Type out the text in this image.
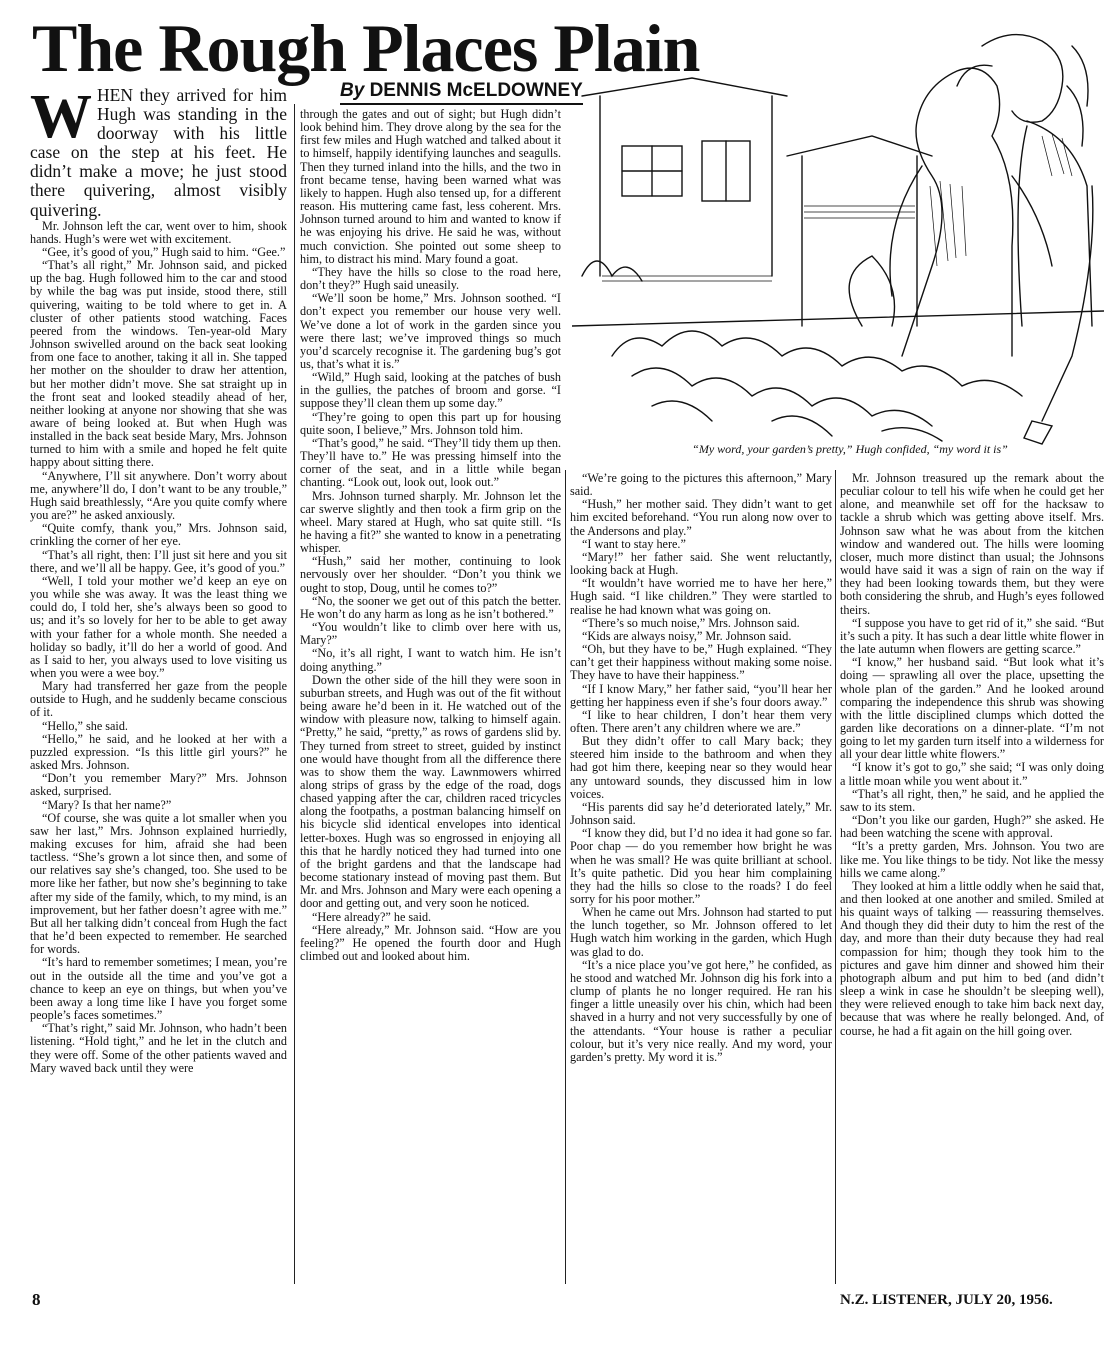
The Rough Places Plain
By DENNIS McELDOWNEY

WHEN they arrived for him Hugh was standing in the doorway with his little case on the step at his feet. He didn’t make a move; he just stood there quivering, almost visibly quivering.

Mr. Johnson left the car, went over to him, shook hands. Hugh’s were wet with excitement.

“Gee, it’s good of you,” Hugh said to him. “Gee.”

“That’s all right,” Mr. Johnson said, and picked up the bag. Hugh followed him to the car and stood by while the bag was put inside, stood there, still quivering, waiting to be told where to get in. A cluster of other patients stood watching. Faces peered from the windows. Ten-year-old Mary Johnson swivelled around on the back seat looking from one face to another, taking it all in. She tapped her mother on the shoulder to draw her attention, but her mother didn’t move. She sat straight up in the front seat and looked steadily ahead of her, neither looking at anyone nor showing that she was aware of being looked at. But when Hugh was installed in the back seat beside Mary, Mrs. Johnson turned to him with a smile and hoped he felt quite happy about sitting there.

“Anywhere, I’ll sit anywhere. Don’t worry about me, anywhere’ll do, I don’t want to be any trouble,” Hugh said breathlessly, “Are you quite comfy where you are?” he asked anxiously.

“Quite comfy, thank you,” Mrs. Johnson said, crinkling the corner of her eye.

“That’s all right, then: I’ll just sit here and you sit there, and we’ll all be happy. Gee, it’s good of you.”

“Well, I told your mother we’d keep an eye on you while she was away. It was the least thing we could do, I told her, she’s always been so good to us; and it’s so lovely for her to be able to get away with your father for a whole month. She needed a holiday so badly, it’ll do her a world of good. And as I said to her, you always used to love visiting us when you were a wee boy.”

Mary had transferred her gaze from the people outside to Hugh, and he suddenly became conscious of it.

“Hello,” she said.

“Hello,” he said, and he looked at her with a puzzled expression. “Is this little girl yours?” he asked Mrs. Johnson.

“Don’t you remember Mary?” Mrs. Johnson asked, surprised.

“Mary? Is that her name?”

“Of course, she was quite a lot smaller when you saw her last,” Mrs. Johnson explained hurriedly, making excuses for him, afraid she had been tactless. “She’s grown a lot since then, and some of our relatives say she’s changed, too. She used to be more like her father, but now she’s beginning to take after my side of the family, which, to my mind, is an improvement, but her father doesn’t agree with me.” But all her talking didn’t conceal from Hugh the fact that he’d been expected to remember. He searched for words.

“It’s hard to remember sometimes; I mean, you’re out in the outside all the time and you’ve got a chance to keep an eye on things, but when you’ve been away a long time like I have you forget some people’s faces sometimes.”

“That’s right,” said Mr. Johnson, who hadn’t been listening. “Hold tight,” and he let in the clutch and they were off. Some of the other patients waved and Mary waved back until they were

through the gates and out of sight; but Hugh didn’t look behind him. They drove along by the sea for the first few miles and Hugh watched and talked about it to himself, happily identifying launches and seagulls. Then they turned inland into the hills, and the two in front became tense, having been warned what was likely to happen. Hugh also tensed up, for a different reason. His muttering came fast, less coherent. Mrs. Johnson turned around to him and wanted to know if he was enjoying his drive. He said he was, without much conviction. She pointed out some sheep to him, to distract his mind. Mary found a goat.

“They have the hills so close to the road here, don’t they?” Hugh said uneasily.

“We’ll soon be home,” Mrs. Johnson soothed. “I don’t expect you remember our house very well. We’ve done a lot of work in the garden since you were there last; we’ve improved things so much you’d scarcely recognise it. The gardening bug’s got us, that’s what it is.”

“Wild,” Hugh said, looking at the patches of bush in the gullies, the patches of broom and gorse. “I suppose they’ll clean them up some day.”

“They’re going to open this part up for housing quite soon, I believe,” Mrs. Johnson told him.

“That’s good,” he said. “They’ll tidy them up then. They’ll have to.” He was pressing himself into the corner of the seat, and in a little while began chanting. “Look out, look out, look out.”

Mrs. Johnson turned sharply. Mr. Johnson let the car swerve slightly and then took a firm grip on the wheel. Mary stared at Hugh, who sat quite still. “Is he having a fit?” she wanted to know in a penetrating whisper.

“Hush,” said her mother, continuing to look nervously over her shoulder. “Don’t you think we ought to stop, Doug, until he comes to?”

“No, the sooner we get out of this patch the better. He won’t do any harm as long as he isn’t bothered.”

“You wouldn’t like to climb over here with us, Mary?”

“No, it’s all right, I want to watch him. He isn’t doing anything.”

Down the other side of the hill they were soon in suburban streets, and Hugh was out of the fit without being aware he’d been in it. He watched out of the window with pleasure now, talking to himself again. “Pretty,” he said, “pretty,” as rows of gardens slid by. They turned from street to street, guided by instinct one would have thought from all the difference there was to show them the way. Lawnmowers whirred along strips of grass by the edge of the road, dogs chased yapping after the car, children raced tricycles along the footpaths, a postman balancing himself on his bicycle slid identical envelopes into identical letter-boxes. Hugh was so engrossed in enjoying all this that he hardly noticed they had turned into one of the bright gardens and that the landscape had become stationary instead of moving past them. But Mr. and Mrs. Johnson and Mary were each opening a door and getting out, and very soon he noticed.

“Here already?” he said.

“Here already,” Mr. Johnson said. “How are you feeling?” He opened the fourth door and Hugh climbed out and looked about him.

“My word, your garden’s pretty,” Hugh confided, “my word it is”

“We’re going to the pictures this afternoon,” Mary said.

“Hush,” her mother said. They didn’t want to get him excited beforehand. “You run along now over to the Andersons and play.”

“I want to stay here.”

“Mary!” her father said. She went reluctantly, looking back at Hugh.

“It wouldn’t have worried me to have her here,” Hugh said. “I like children.” They were startled to realise he had known what was going on.

“There’s so much noise,” Mrs. Johnson said.

“Kids are always noisy,” Mr. Johnson said.

“Oh, but they have to be,” Hugh explained. “They can’t get their happiness without making some noise. They have to have their happiness.”

“If I know Mary,” her father said, “you’ll hear her getting her happiness even if she’s four doors away.”

“I like to hear children, I don’t hear them very often. There aren’t any children where we are.”

But they didn’t offer to call Mary back; they steered him inside to the bathroom and when they had got him there, keeping near so they would hear any untoward sounds, they discussed him in low voices.

“His parents did say he’d deteriorated lately,” Mr. Johnson said.

“I know they did, but I’d no idea it had gone so far. Poor chap — do you remember how bright he was when he was small? He was quite brilliant at school. It’s quite pathetic. Did you hear him complaining they had the hills so close to the roads? I do feel sorry for his poor mother.”

When he came out Mrs. Johnson had started to put the lunch together, so Mr. Johnson offered to let Hugh watch him working in the garden, which Hugh was glad to do.

“It’s a nice place you’ve got here,” he confided, as he stood and watched Mr. Johnson dig his fork into a clump of plants he no longer required. He ran his finger a little uneasily over his chin, which had been shaved in a hurry and not very successfully by one of the attendants. “Your house is rather a peculiar colour, but it’s very nice really. And my word, your garden’s pretty. My word it is.”

Mr. Johnson treasured up the remark about the peculiar colour to tell his wife when he could get her alone, and meanwhile set off for the hacksaw to tackle a shrub which was getting above itself. Mrs. Johnson saw what he was about from the kitchen window and wandered out. The hills were looming closer, much more distinct than usual; the Johnsons would have said it was a sign of rain on the way if they had been looking towards them, but they were both considering the shrub, and Hugh’s eyes followed theirs.

“I suppose you have to get rid of it,” she said. “But it’s such a pity. It has such a dear little white flower in the late autumn when flowers are getting scarce.”

“I know,” her husband said. “But look what it’s doing — sprawling all over the place, upsetting the whole plan of the garden.” And he looked around comparing the independence this shrub was showing with the little disciplined clumps which dotted the garden like decorations on a dinner-plate. “I’m not going to let my garden turn itself into a wilderness for all your dear little white flowers.”

“I know it’s got to go,” she said; “I was only doing a little moan while you went about it.”

“That’s all right, then,” he said, and he applied the saw to its stem.

“Don’t you like our garden, Hugh?” she asked. He had been watching the scene with approval.

“It’s a pretty garden, Mrs. Johnson. You two are like me. You like things to be tidy. Not like the messy hills we came along.”

They looked at him a little oddly when he said that, and then looked at one another and smiled. Smiled at his quaint ways of talking — reassuring themselves. And though they did their duty to him the rest of the day, and more than their duty because they had real compassion for him; though they took him to the pictures and gave him dinner and showed him their photograph album and put him to bed (and didn’t sleep a wink in case he shouldn’t be sleeping well), they were relieved enough to take him back next day, because that was where he really belonged. And, of course, he had a fit again on the hill going over.

8	N.Z. LISTENER, JULY 20, 1956.
